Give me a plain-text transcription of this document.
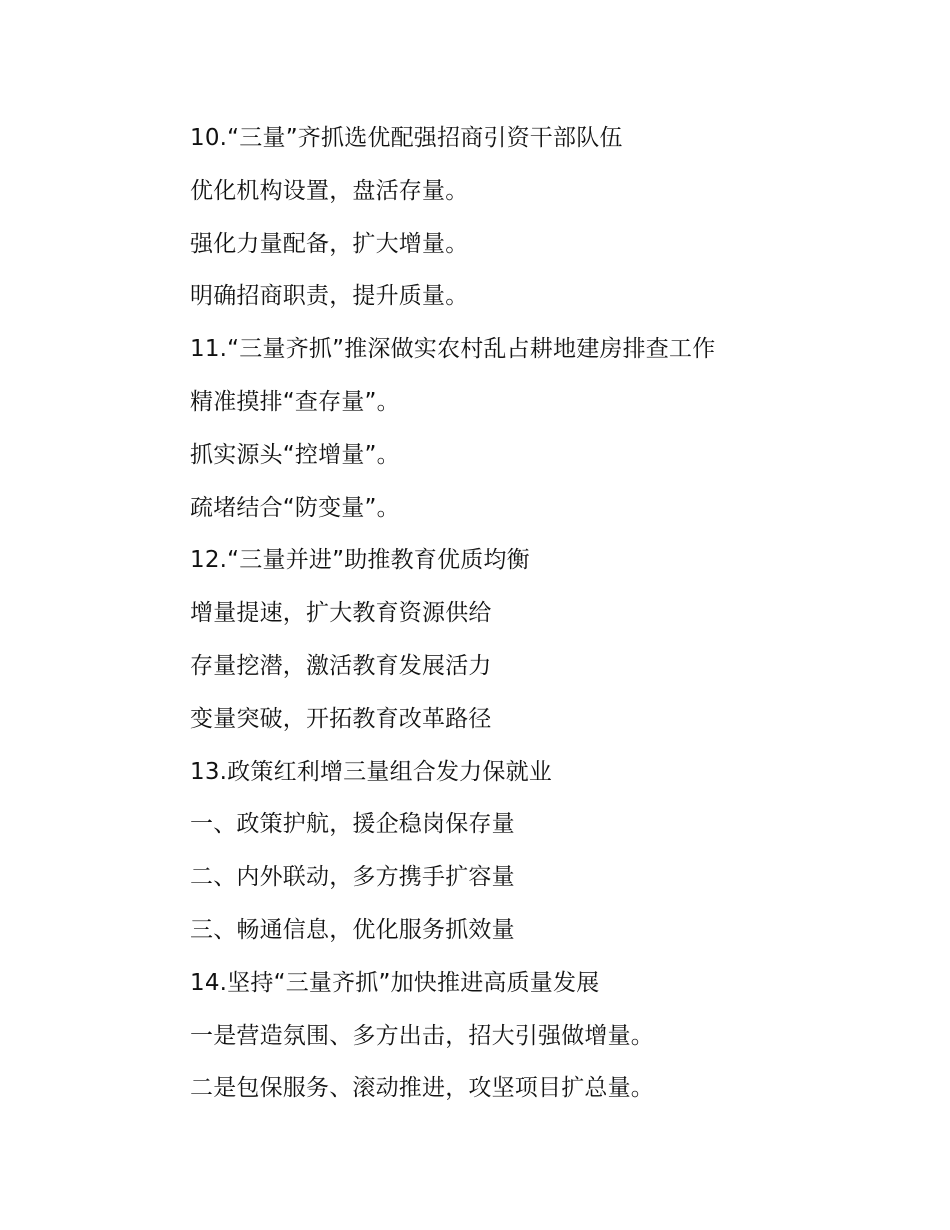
10.“三量”齐抓选优配强招商引资干部队伍
优化机构设置，盘活存量。
强化力量配备，扩大增量。
明确招商职责，提升质量。
11.“三量齐抓”推深做实农村乱占耕地建房排查工作
精准摸排“查存量”。
抓实源头“控增量”。
疏堵结合“防变量”。
12.“三量并进”助推教育优质均衡
增量提速，扩大教育资源供给
存量挖潜，激活教育发展活力
变量突破，开拓教育改革路径
13.政策红利增三量组合发力保就业
一、政策护航，援企稳岗保存量
二、内外联动，多方携手扩容量
三、畅通信息，优化服务抓效量
14.坚持“三量齐抓”加快推进高质量发展
一是营造氛围、多方出击，招大引强做增量。
二是包保服务、滚动推进，攻坚项目扩总量。
